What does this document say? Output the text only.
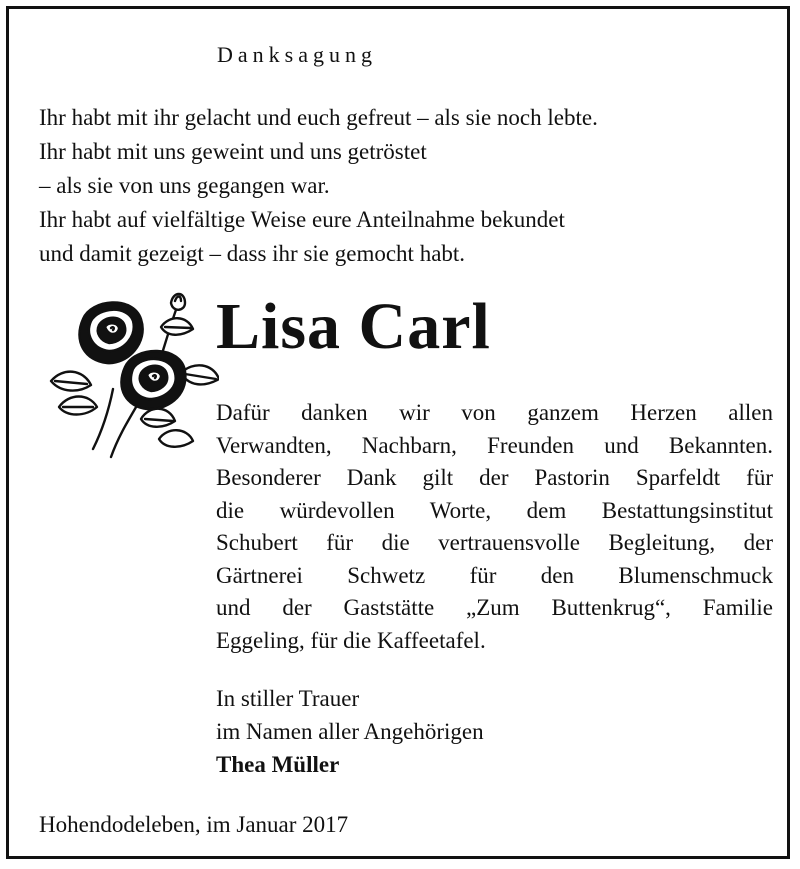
Danksagung
Ihr habt mit ihr gelacht und euch gefreut – als sie noch lebte.
Ihr habt mit uns geweint und uns getröstet
– als sie von uns gegangen war.
Ihr habt auf vielfältige Weise eure Anteilnahme bekundet
und damit gezeigt – dass ihr sie gemocht habt.
Lisa Carl
Dafür danken wir von ganzem Herzen allen
Verwandten, Nachbarn, Freunden und Bekannten.
Besonderer Dank gilt der Pastorin Sparfeldt für
die würdevollen Worte, dem Bestattungsinstitut
Schubert für die vertrauensvolle Begleitung, der
Gärtnerei Schwetz für den Blumenschmuck
und der Gaststätte „Zum Buttenkrug“, Familie
Eggeling, für die Kaffeetafel.
In stiller Trauer
im Namen aller Angehörigen
Thea Müller
Hohendodeleben, im Januar 2017
